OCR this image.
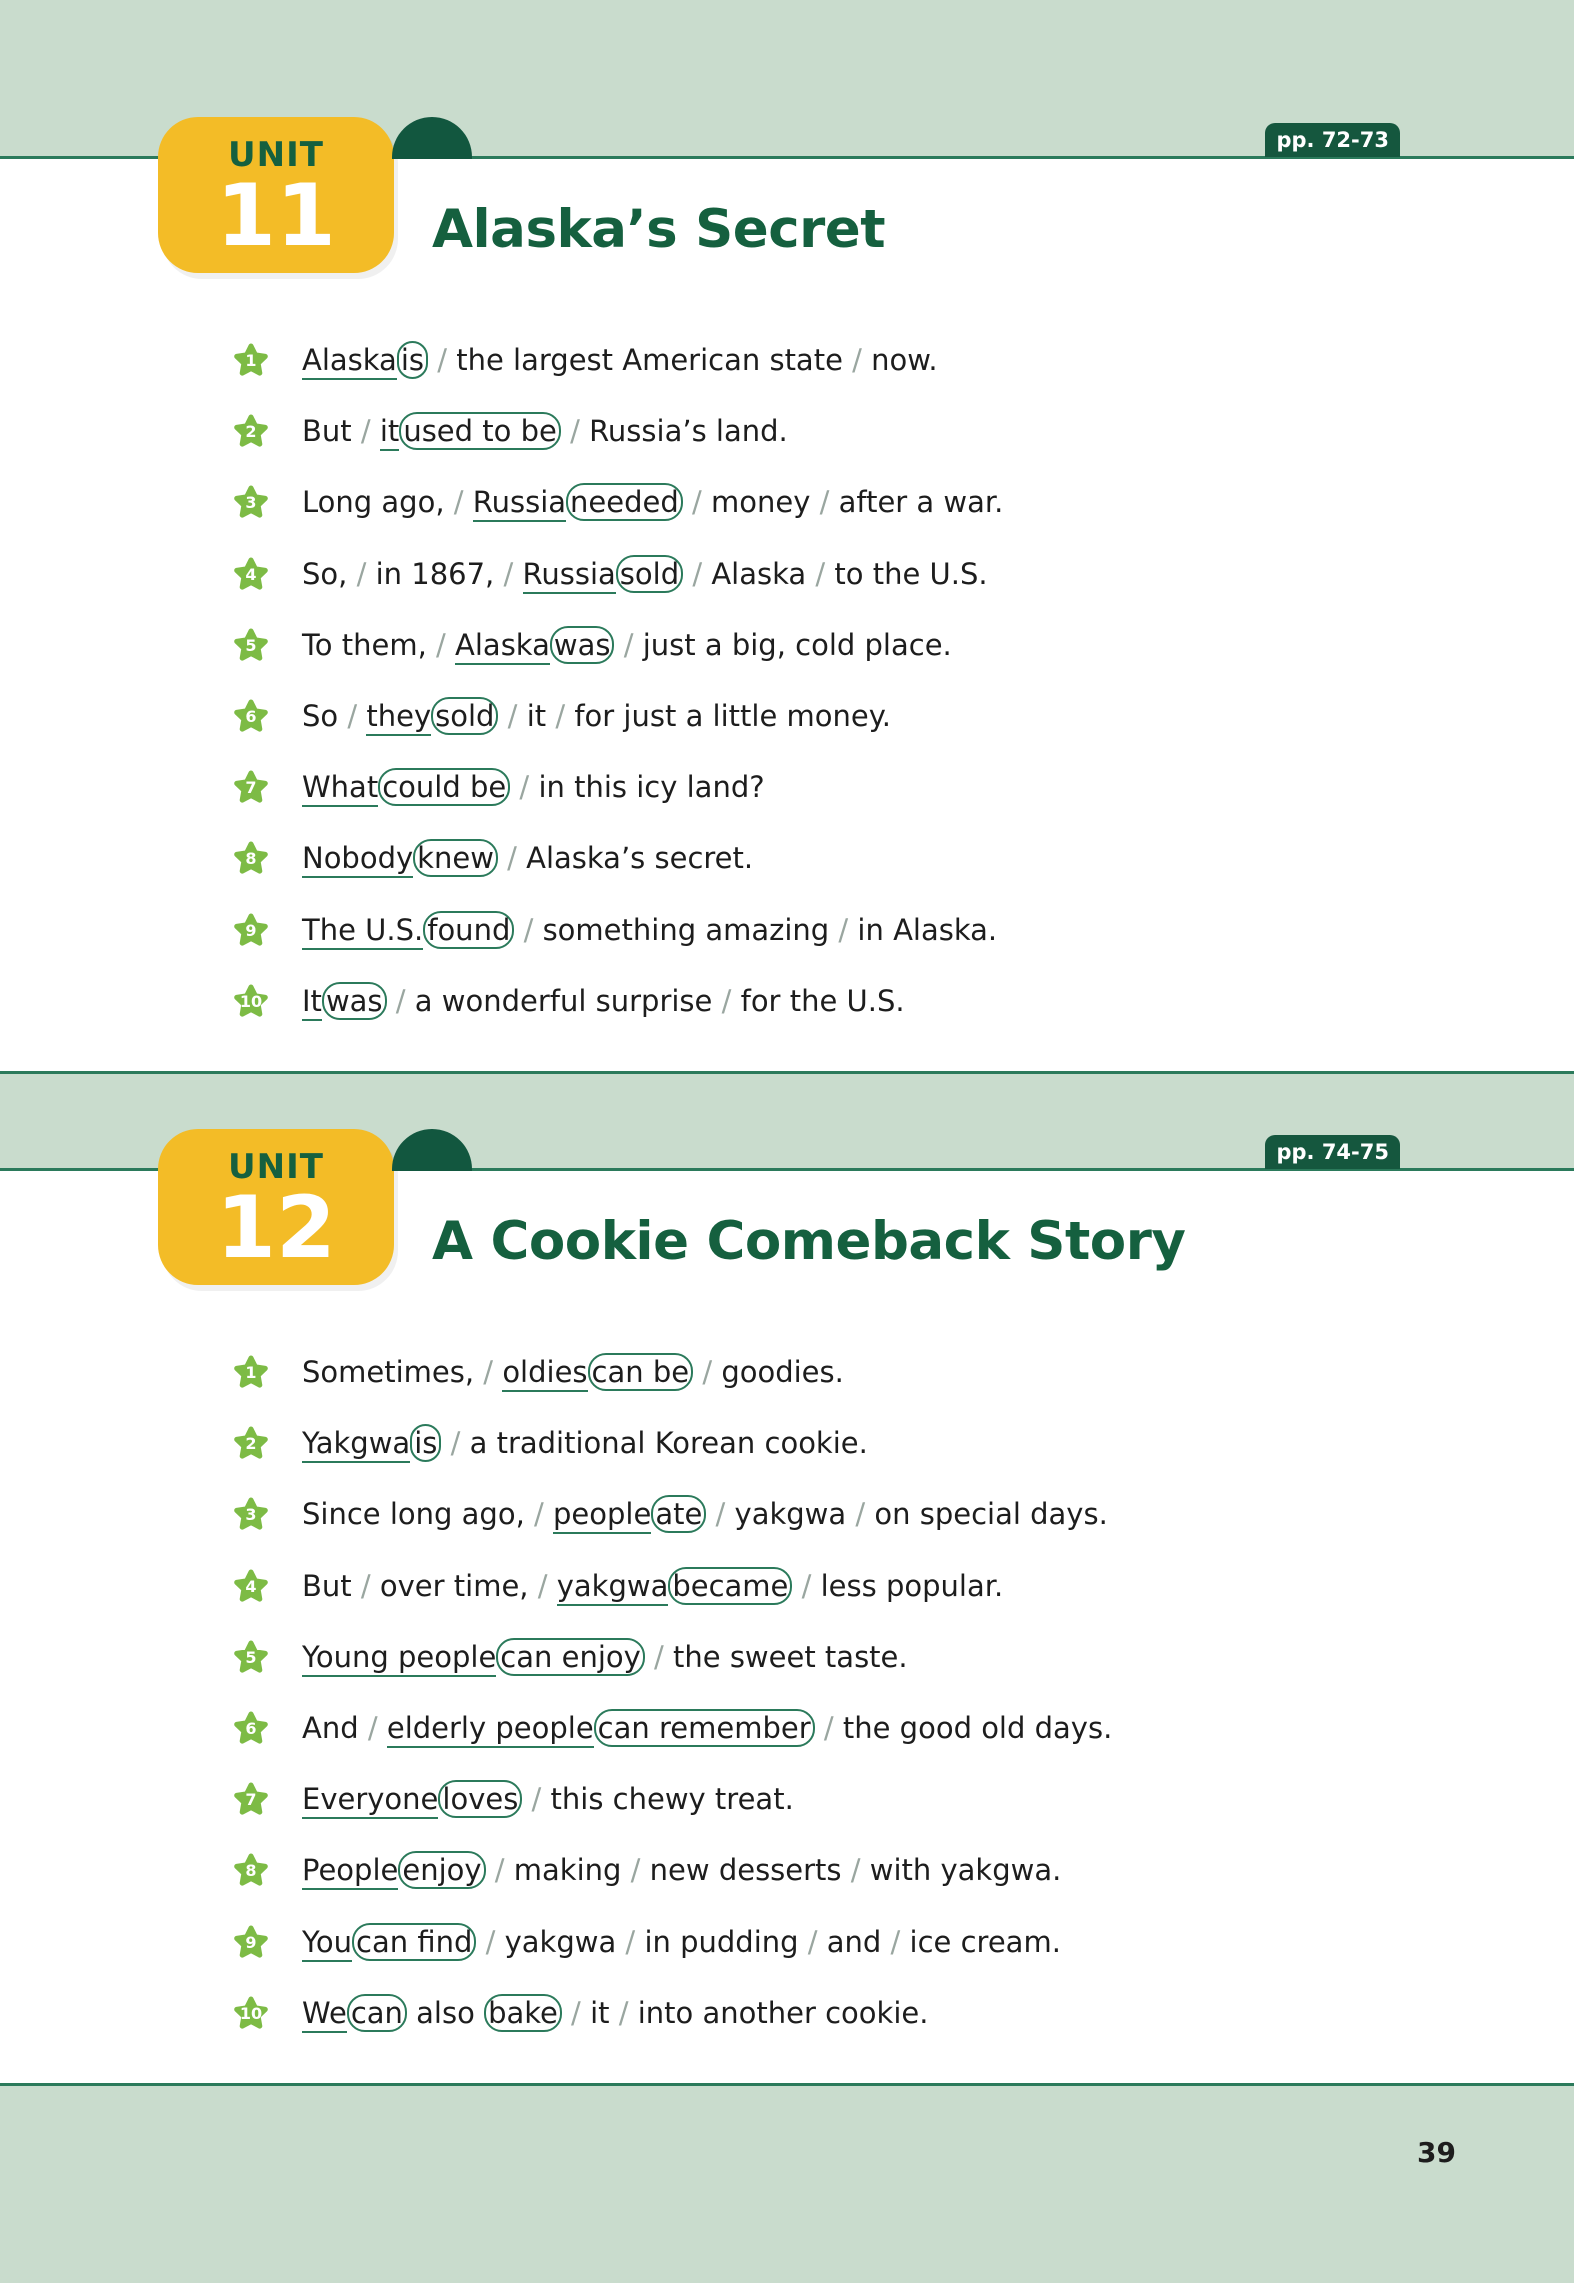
UNIT
11
pp. 72-73
Alaska’s Secret
1	Alaska is / the largest American state / now.
2	But / it used to be / Russia’s land.
3	Long ago, / Russia needed / money / after a war.
4	So, / in 1867, / Russia sold / Alaska / to the U.S.
5	To them, / Alaska was / just a big, cold place.
6	So / they sold / it / for just a little money.
7	What could be / in this icy land?
8	Nobody knew / Alaska’s secret.
9	The U.S. found / something amazing / in Alaska.
10 It was / a wonderful surprise / for the U.S.
UNIT
12
pp. 74-75
A Cookie Comeback Story
1	Sometimes, / oldies can be / goodies.
2	Yakgwa is / a traditional Korean cookie.
3	Since long ago, / people ate / yakgwa / on special days.
4	But / over time, / yakgwa became / less popular.
5	Young people can enjoy / the sweet taste.
6	And / elderly people can remember / the good old days.
7	Everyone loves / this chewy treat.
8	People enjoy / making / new desserts / with yakgwa.
9	You can find / yakgwa / in pudding / and / ice cream.
10 We can also bake / it / into another cookie.
39
